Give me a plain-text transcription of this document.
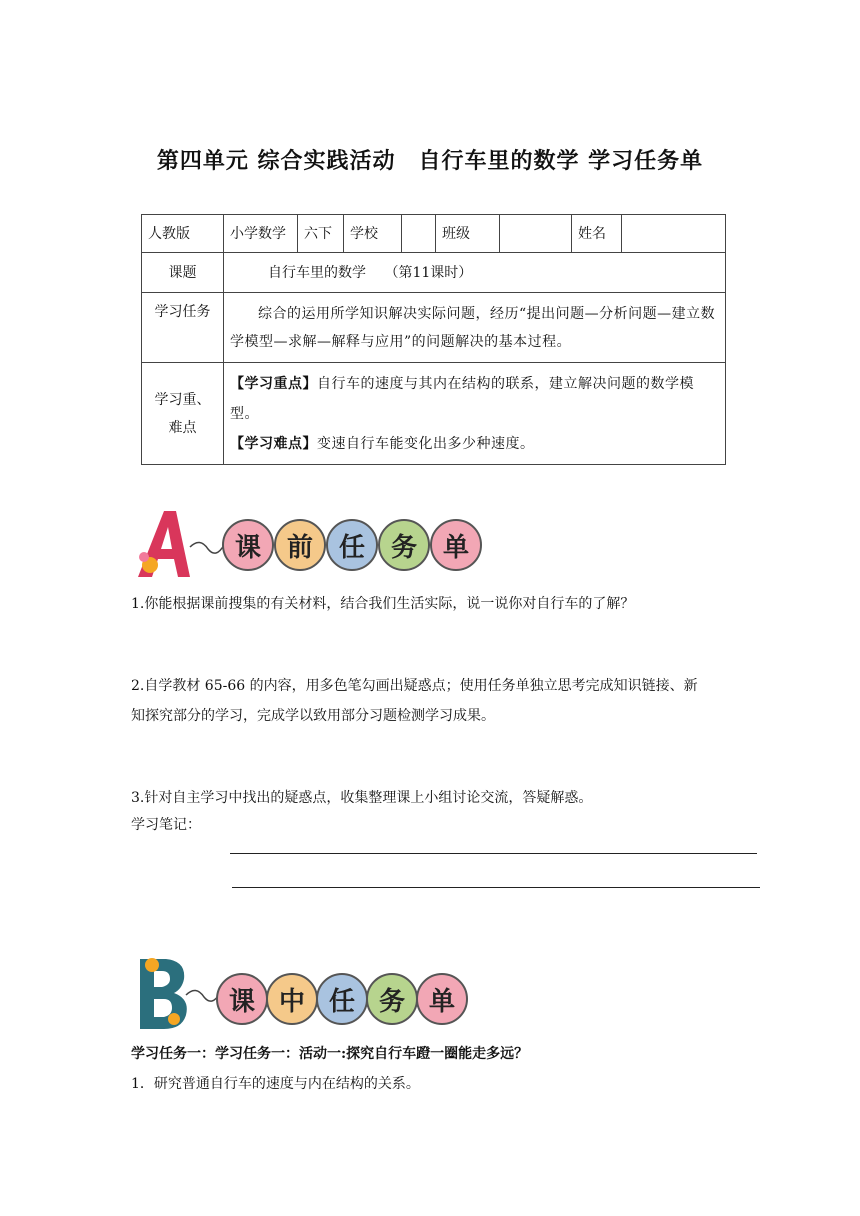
第四单元 综合实践活动　自行车里的数学 学习任务单
人教版	小学数学	六下	学校		班级		姓名	
课题	自行车里的数学　 （第11课时）							
学习任务	综合的运用所学知识解决实际问题，经历“提出问题—分析问题—建立数学模型—求解—解释与应用”的问题解决的基本过程。							
学习重、难点	【学习重点】自行车的速度与其内在结构的联系，建立解决问题的数学模型。
【学习难点】变速自行车能变化出多少种速度。							
课 前 任 务 单
1.你能根据课前搜集的有关材料，结合我们生活实际，说一说你对自行车的了解？
2.自学教材 65-66 的内容，用多色笔勾画出疑惑点；使用任务单独立思考完成知识链接、新
知探究部分的学习，完成学以致用部分习题检测学习成果。
3.针对自主学习中找出的疑惑点，收集整理课上小组讨论交流，答疑解惑。
学习笔记：
课 中 任 务 单
学习任务一：学习任务一：活动一:探究自行车蹬一圈能走多远？
1．研究普通自行车的速度与内在结构的关系。
